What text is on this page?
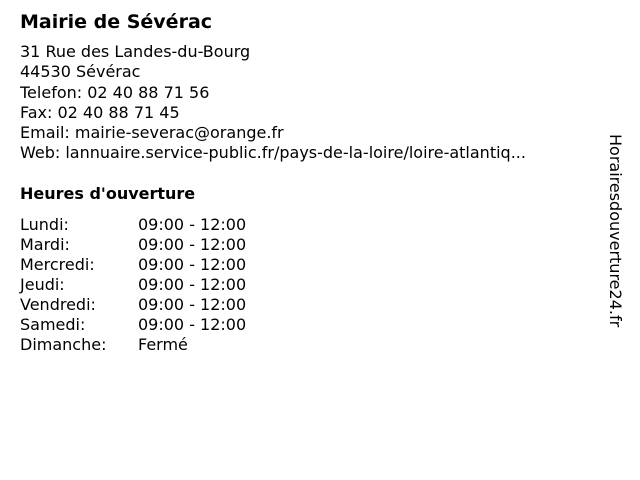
Mairie de Sévérac
31 Rue des Landes-du-Bourg
44530 Sévérac
Telefon: 02 40 88 71 56
Fax: 02 40 88 71 45
Email: mairie-severac@orange.fr
Web: lannuaire.service-public.fr/pays-de-la-loire/loire-atlantiq...
Heures d'ouverture
Lundi:	09:00 - 12:00
Mardi:	09:00 - 12:00
Mercredi:	09:00 - 12:00
Jeudi:	09:00 - 12:00
Vendredi:	09:00 - 12:00
Samedi:	09:00 - 12:00
Dimanche:	Fermé
Horairesdouverture24.fr
